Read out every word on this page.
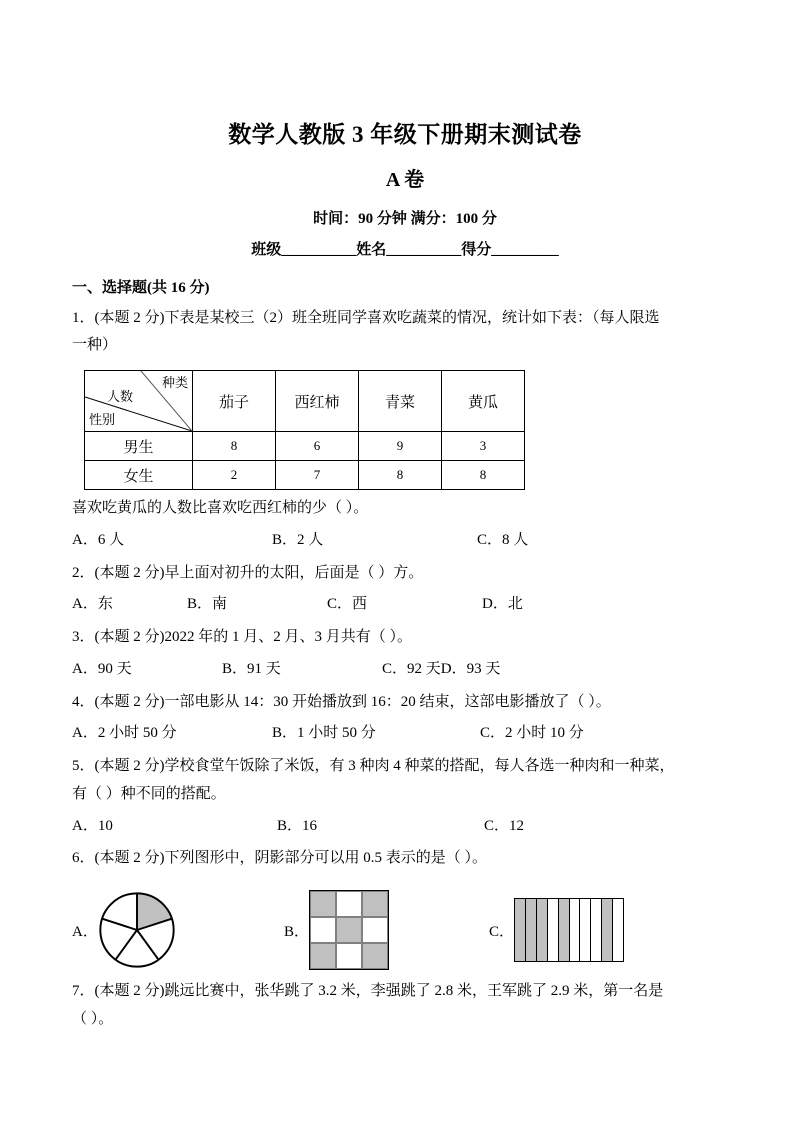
数学人教版 3 年级下册期末测试卷
A 卷
时间：90 分钟 满分：100 分
班级__________姓名__________得分_________
一、选择题(共 16 分)
1．(本题 2 分)下表是某校三（2）班全班同学喜欢吃蔬菜的情况，统计如下表：（每人限选
一种）
种类
人数
性别	茄子	西红柿	青菜	黄瓜
男生	8	6	9	3
女生	2	7	8	8
喜欢吃黄瓜的人数比喜欢吃西红柿的少（ ）。
A．6 人	B．2 人	C．8 人
2．(本题 2 分)早上面对初升的太阳，后面是（ ）方。
A．东	B．南	C．西	D．北
3．(本题 2 分)2022 年的 1 月、2 月、3 月共有（ ）。
A．90 天	B．91 天	C．92 天 D．93 天
4．(本题 2 分)一部电影从 14：30 开始播放到 16：20 结束，这部电影播放了（ ）。
A．2 小时 50 分	B．1 小时 50 分	C．2 小时 10 分
5．(本题 2 分)学校食堂午饭除了米饭，有 3 种肉 4 种菜的搭配，每人各选一种肉和一种菜，
有（ ）种不同的搭配。
A．10	B．16	C．12
6．(本题 2 分)下列图形中，阴影部分可以用 0.5 表示的是（ ）。
A．	B．	C．
7．(本题 2 分)跳远比赛中，张华跳了 3.2 米，李强跳了 2.8 米，王军跳了 2.9 米，第一名是
（ ）。
